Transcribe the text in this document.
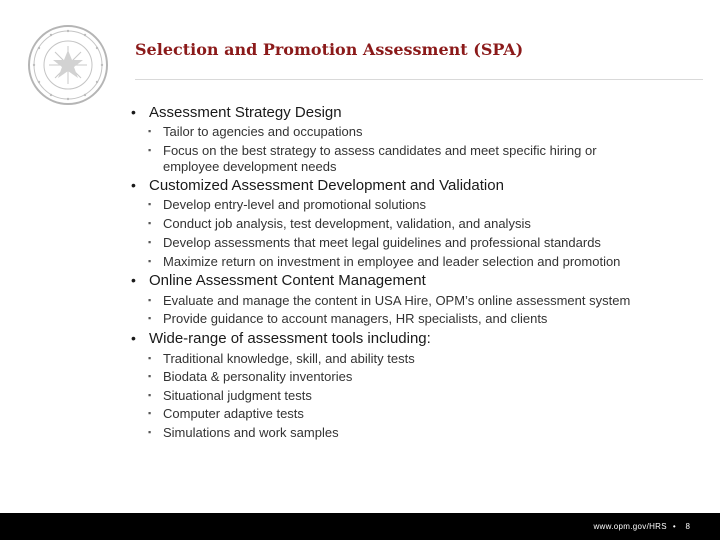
Selection and Promotion Assessment (SPA)
• Assessment Strategy Design
▪ Tailor to agencies and occupations
▪ Focus on the best strategy to assess candidates and meet specific hiring or
employee development needs
• Customized Assessment Development and Validation
▪ Develop entry-level and promotional solutions
▪ Conduct job analysis, test development, validation, and analysis
▪ Develop assessments that meet legal guidelines and professional standards
▪ Maximize return on investment in employee and leader selection and promotion
• Online Assessment Content Management
▪ Evaluate and manage the content in USA Hire, OPM’s online assessment system
▪ Provide guidance to account managers, HR specialists, and clients
• Wide-range of assessment tools including:
▪ Traditional knowledge, skill, and ability tests
▪ Biodata & personality inventories
▪ Situational judgment tests
▪ Computer adaptive tests
▪ Simulations and work samples
www.opm.gov/HRS •	8
